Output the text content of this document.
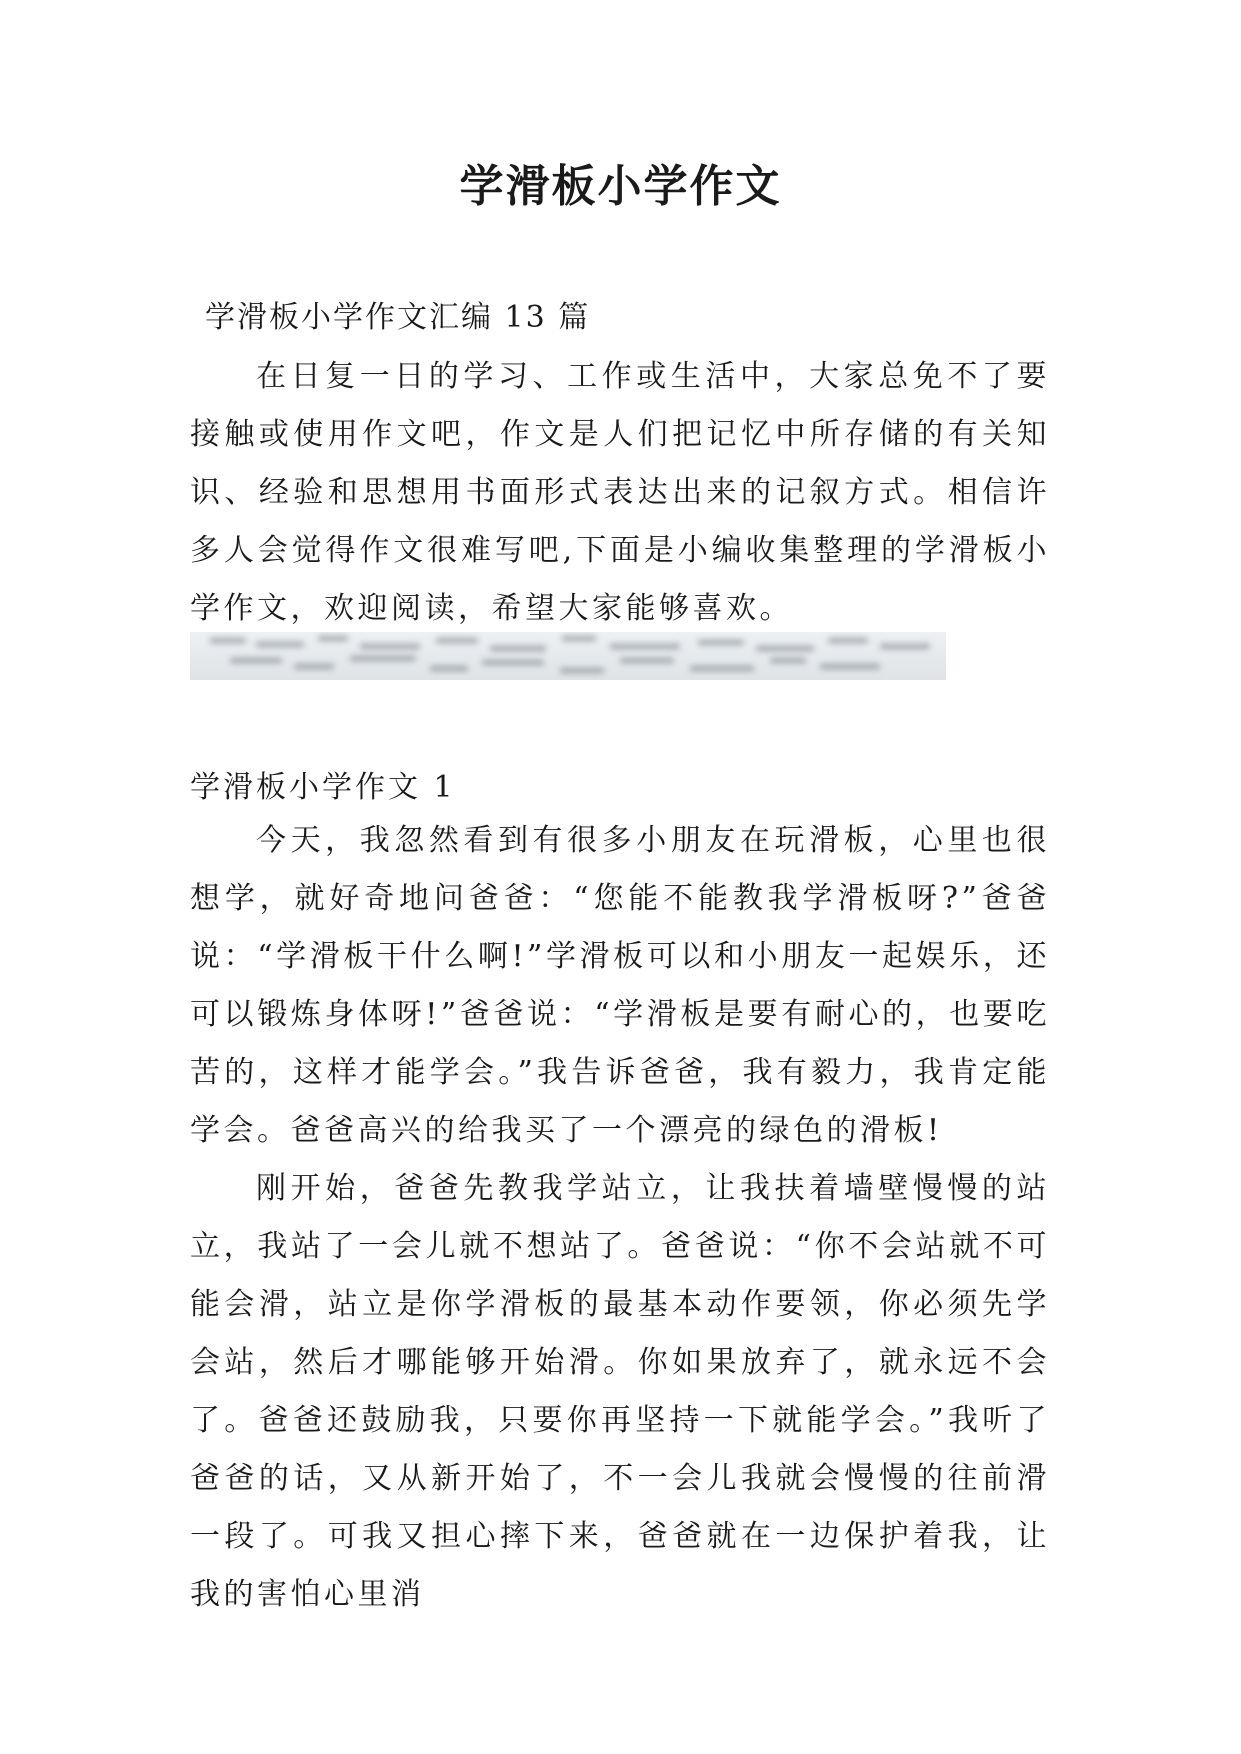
学滑板小学作文

学滑板小学作文汇编 13 篇

在日复一日的学习、工作或生活中，大家总免不了要接触或使用作文吧，作文是人们把记忆中所存储的有关知识、经验和思想用书面形式表达出来的记叙方式。相信许多人会觉得作文很难写吧,下面是小编收集整理的学滑板小学作文，欢迎阅读，希望大家能够喜欢。

学滑板小学作文 1

今天，我忽然看到有很多小朋友在玩滑板，心里也很想学，就好奇地问爸爸：“您能不能教我学滑板呀?”爸爸说：“学滑板干什么啊!”学滑板可以和小朋友一起娱乐，还可以锻炼身体呀!”爸爸说：“学滑板是要有耐心的，也要吃苦的，这样才能学会。”我告诉爸爸，我有毅力，我肯定能学会。爸爸高兴的给我买了一个漂亮的绿色的滑板!

刚开始，爸爸先教我学站立，让我扶着墙壁慢慢的站立，我站了一会儿就不想站了。爸爸说：“你不会站就不可能会滑，站立是你学滑板的最基本动作要领，你必须先学会站，然后才哪能够开始滑。你如果放弃了，就永远不会了。爸爸还鼓励我，只要你再坚持一下就能学会。”我听了爸爸的话，又从新开始了，不一会儿我就会慢慢的往前滑一段了。可我又担心摔下来，爸爸就在一边保护着我，让我的害怕心里消
